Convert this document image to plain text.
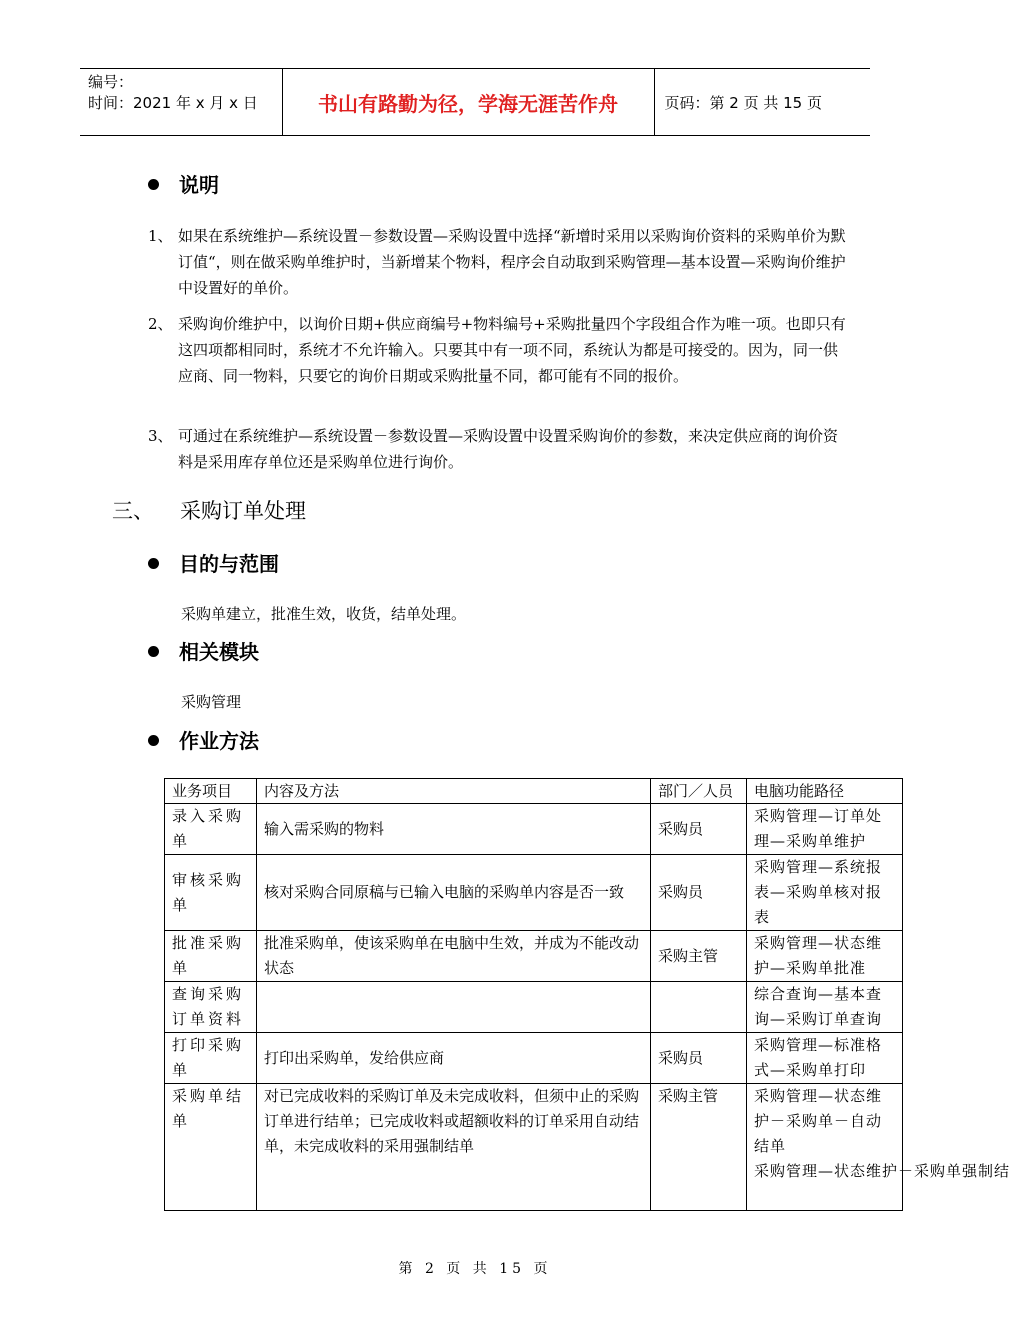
编号：
时间：2021 年 x 月 x 日	书山有路勤为径，学海无涯苦作舟	页码：第 2 页 共 15 页
说明
1、 如果在系统维护—系统设置－参数设置—采购设置中选择“新增时采用以采购询价资料的采购单价为默订值“，则在做采购单维护时，当新增某个物料，程序会自动取到采购管理—基本设置—采购询价维护中设置好的单价。
2、 采购询价维护中，以询价日期+供应商编号+物料编号+采购批量四个字段组合作为唯一项。也即只有这四项都相同时，系统才不允许输入。只要其中有一项不同，系统认为都是可接受的。因为，同一供应商、同一物料，只要它的询价日期或采购批量不同，都可能有不同的报价。
3、 可通过在系统维护—系统设置－参数设置—采购设置中设置采购询价的参数，来决定供应商的询价资料是采用库存单位还是采购单位进行询价。
三、 采购订单处理
目的与范围
采购单建立，批准生效，收货，结单处理。
相关模块
采购管理
作业方法
业务项目	内容及方法	部门／人员	电脑功能路径
录入采购单	输入需采购的物料	采购员	采购管理—订单处理—采购单维护
审核采购单	核对采购合同原稿与已输入电脑的采购单内容是否一致	采购员	采购管理—系统报表—采购单核对报表
批准采购单	批准采购单，使该采购单在电脑中生效，并成为不能改动状态	采购主管	采购管理—状态维护—采购单批准
查询采购订单资料			综合查询—基本查询—采购订单查询
打印采购单	打印出采购单，发给供应商	采购员	采购管理—标准格式—采购单打印
采购单结单	对已完成收料的采购订单及未完成收料，但须中止的采购订单进行结单；已完成收料或超额收料的订单采用自动结单，未完成收料的采用强制结单	采购主管	采购管理—状态维护－采购单－自动结单
采购管理—状态维护－采购单强制结
第 2 页 共 15 页
